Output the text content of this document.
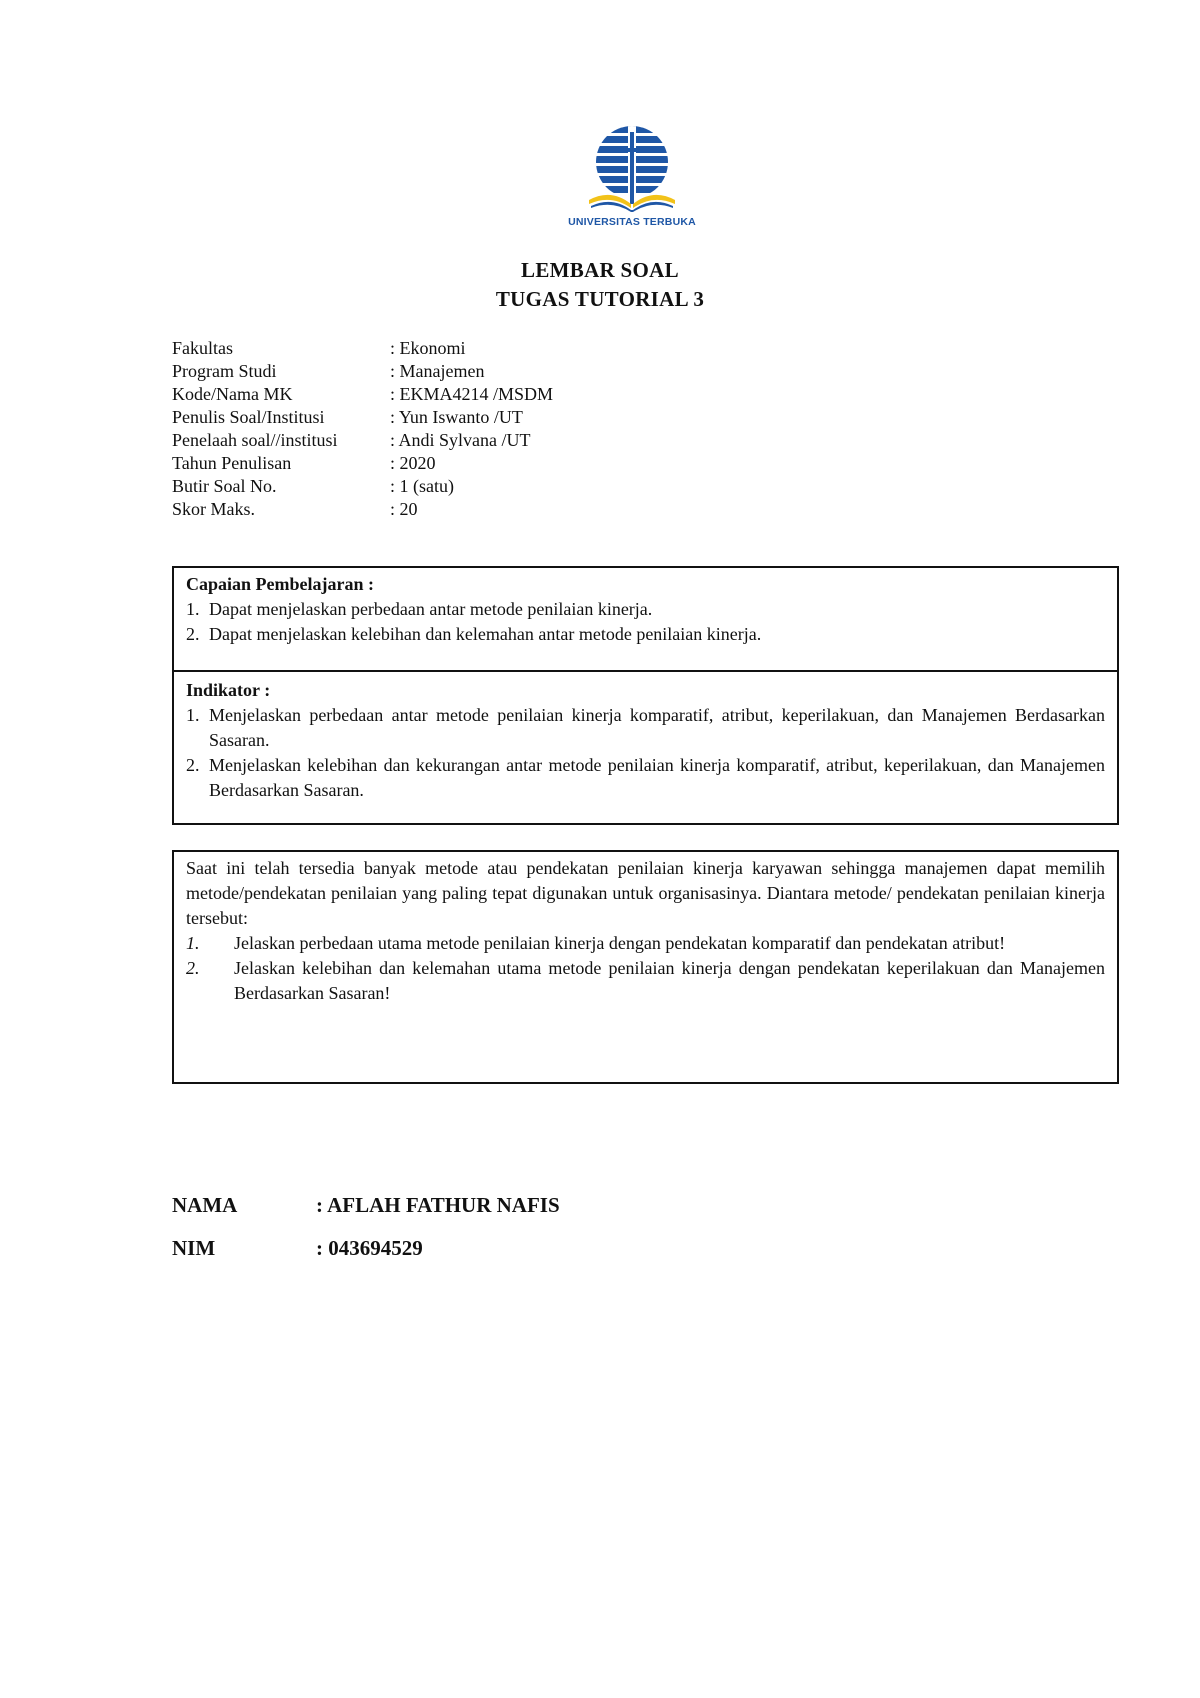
UNIVERSITAS TERBUKA
LEMBAR SOAL
TUGAS TUTORIAL 3
Fakultas	: Ekonomi
Program Studi	: Manajemen
Kode/Nama MK	: EKMA4214 /MSDM
Penulis Soal/Institusi	: Yun Iswanto /UT
Penelaah soal//institusi	: Andi Sylvana /UT
Tahun Penulisan	: 2020
Butir Soal No.	: 1 (satu)
Skor Maks.	: 20
Capaian Pembelajaran :
1. Dapat menjelaskan perbedaan antar metode penilaian kinerja.
2. Dapat menjelaskan kelebihan dan kelemahan antar metode penilaian kinerja.
Indikator :
1. Menjelaskan perbedaan antar metode penilaian kinerja komparatif, atribut, keperilakuan, dan Manajemen Berdasarkan Sasaran.
2. Menjelaskan kelebihan dan kekurangan antar metode penilaian kinerja komparatif, atribut, keperilakuan, dan Manajemen Berdasarkan Sasaran.
Saat ini telah tersedia banyak metode atau pendekatan penilaian kinerja karyawan sehingga manajemen dapat memilih metode/pendekatan penilaian yang paling tepat digunakan untuk organisasinya. Diantara metode/ pendekatan penilaian kinerja tersebut:
1. Jelaskan perbedaan utama metode penilaian kinerja dengan pendekatan komparatif dan pendekatan atribut!
2. Jelaskan kelebihan dan kelemahan utama metode penilaian kinerja dengan pendekatan keperilakuan dan Manajemen Berdasarkan Sasaran!
NAMA	: AFLAH FATHUR NAFIS
NIM	: 043694529
